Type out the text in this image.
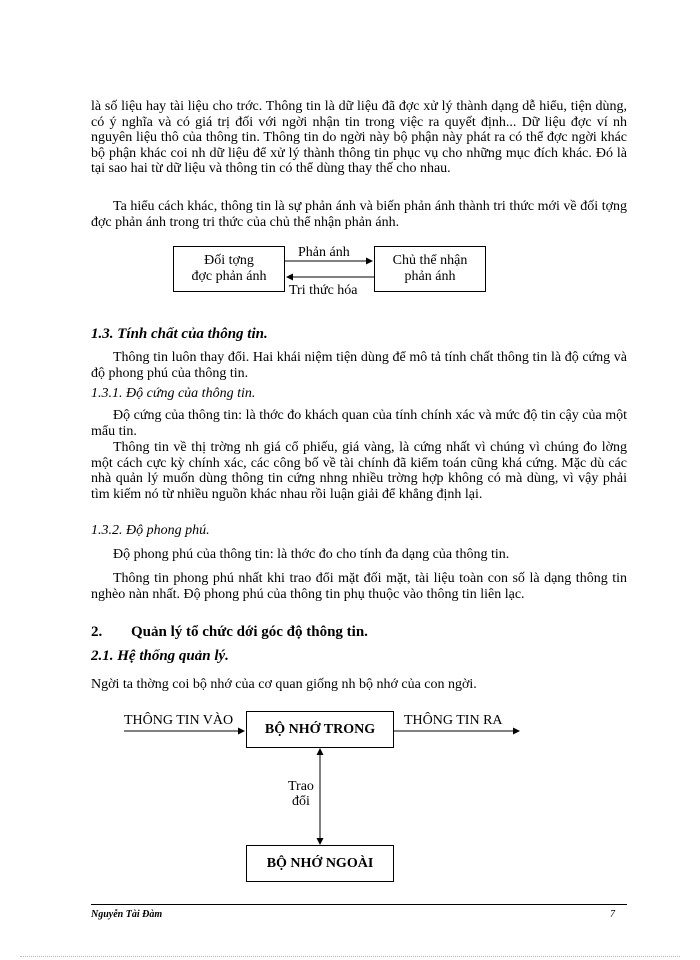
là số liệu hay tài liệu cho trớc. Thông tin là dữ liệu đã đợc xử lý thành dạng dễ hiểu, tiện dùng, có ý nghĩa và có giá trị đối với ngời nhận tin trong việc ra quyết định... Dữ liệu đợc ví nh nguyên liệu thô của thông tin. Thông tin do ngời này bộ phận này phát ra có thể đợc ngời khác bộ phận khác coi nh dữ liệu để xử lý thành thông tin phục vụ cho những mục đích khác. Đó là tại sao hai từ dữ liệu và thông tin có thể dùng thay thế cho nhau.

Ta hiểu cách khác, thông tin là sự phản ánh và biến phản ánh thành tri thức mới về đối tợng đợc phản ánh trong tri thức của chủ thể nhận phản ánh.

Đối tợng
đợc phản ánh
Chủ thể nhận
phản ánh
Phản ánh
Tri thức hóa

1.3. Tính chất của thông tin.

Thông tin luôn thay đổi. Hai khái niệm tiện dùng để mô tả tính chất thông tin là độ cứng và độ phong phú của thông tin.

1.3.1. Độ cứng của thông tin.

Độ cứng của thông tin: là thớc đo khách quan của tính chính xác và mức độ tin cậy của một mẩu tin.

Thông tin về thị trờng nh giá cổ phiếu, giá vàng, là cứng nhất vì chúng vì chúng đo lờng một cách cực kỳ chính xác, các công bố về tài chính đã kiểm toán cũng khá cứng. Mặc dù các nhà quản lý muốn dùng thông tin cứng nhng nhiều trờng hợp không có mà dùng, vì vậy phải tìm kiếm nó từ nhiều nguồn khác nhau rồi luận giải để khẳng định lại.

1.3.2. Độ phong phú.

Độ phong phú của thông tin: là thớc đo cho tính đa dạng của thông tin.

Thông tin phong phú nhất khi trao đổi mặt đối mặt, tài liệu toàn con số là dạng thông tin nghèo nàn nhất. Độ phong phú của thông tin phụ thuộc vào thông tin liên lạc.

2. Quản lý tổ chức dới góc độ thông tin.

2.1. Hệ thống quản lý.

Ngời ta thờng coi bộ nhớ của cơ quan giống nh bộ nhớ của con ngời.

THÔNG TIN VÀO
BỘ NHỚ TRONG
THÔNG TIN RA
Trao
đổi
BỘ NHỚ NGOÀI
Nguyễn Tài Đàm	7
